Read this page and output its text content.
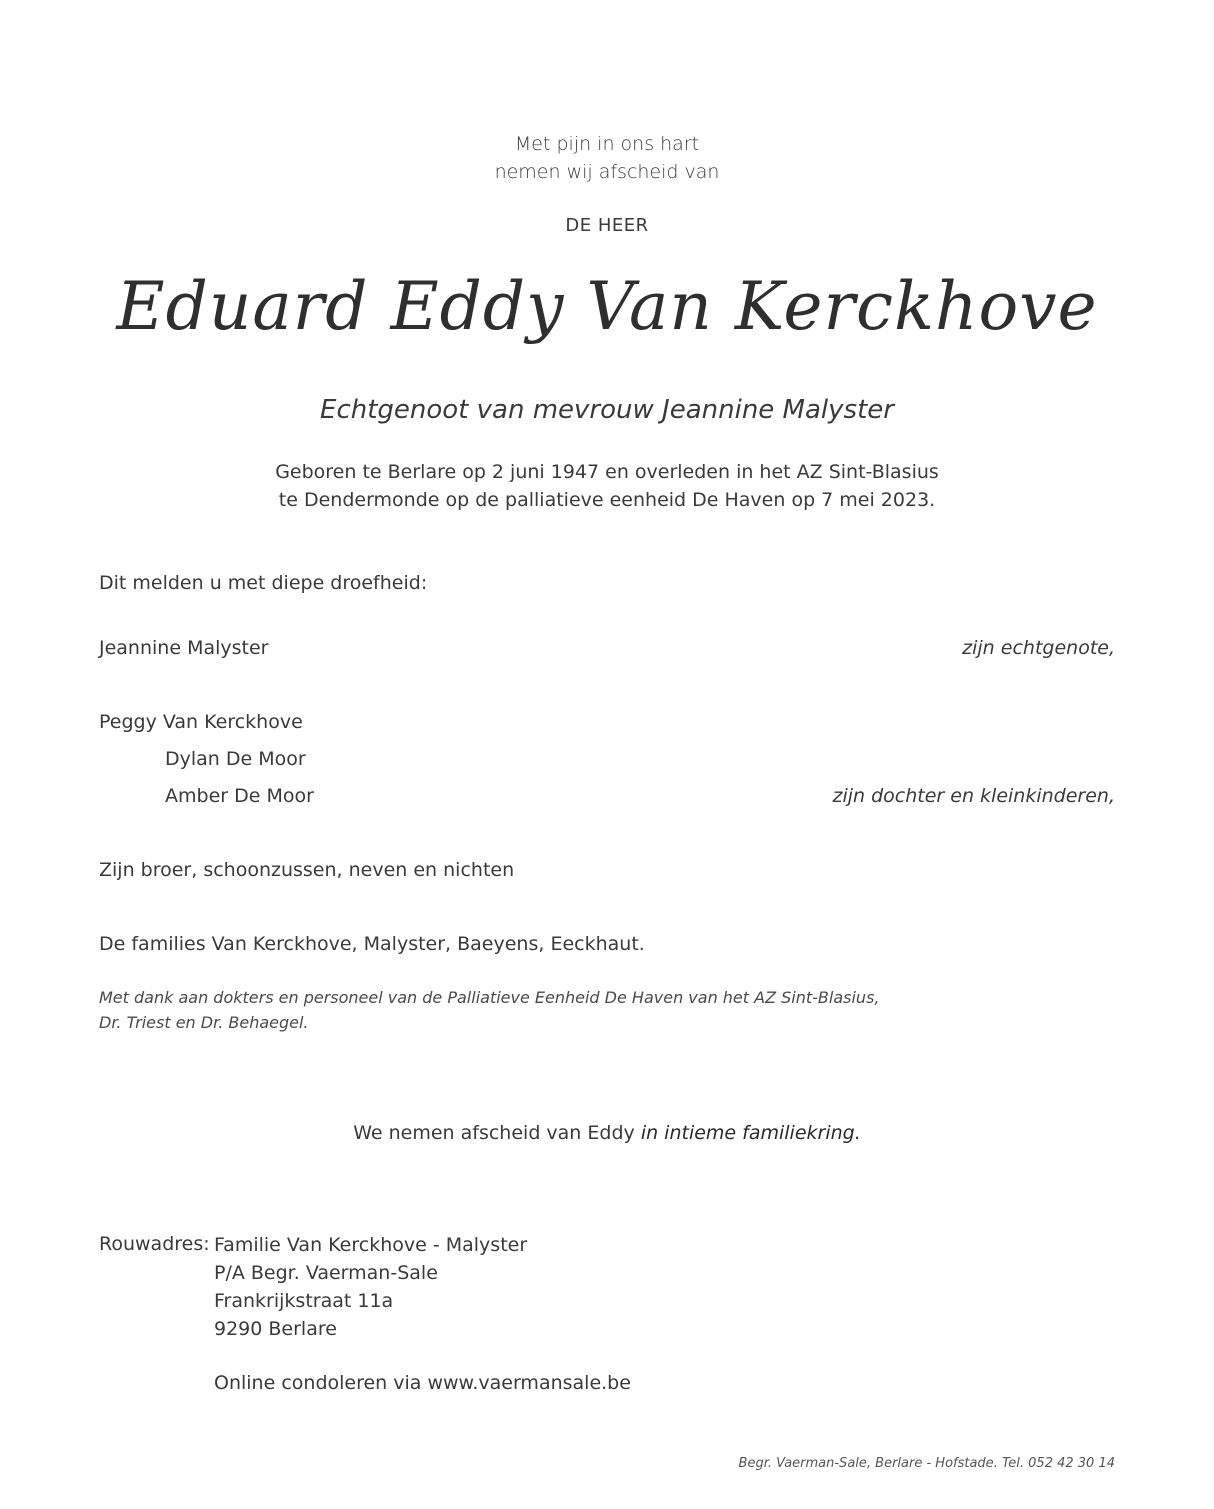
Met pijn in ons hart
nemen wij afscheid van
DE HEER
Eduard Eddy Van Kerckhove
Echtgenoot van mevrouw Jeannine Malyster
Geboren te Berlare op 2 juni 1947 en overleden in het AZ Sint-Blasius
te Dendermonde op de palliatieve eenheid De Haven op 7 mei 2023.
Dit melden u met diepe droefheid:
Jeannine Malyster	zijn echtgenote,
Peggy Van Kerckhove
Dylan De Moor
Amber De Moor	zijn dochter en kleinkinderen,
Zijn broer, schoonzussen, neven en nichten
De families Van Kerckhove, Malyster, Baeyens, Eeckhaut.
Met dank aan dokters en personeel van de Palliatieve Eenheid De Haven van het AZ Sint-Blasius,
Dr. Triest en Dr. Behaegel.
We nemen afscheid van Eddy in intieme familiekring.
Rouwadres: Familie Van Kerckhove - Malyster
P/A Begr. Vaerman-Sale
Frankrijkstraat 11a
9290 Berlare
Online condoleren via www.vaermansale.be
Begr. Vaerman-Sale, Berlare - Hofstade. Tel. 052 42 30 14
